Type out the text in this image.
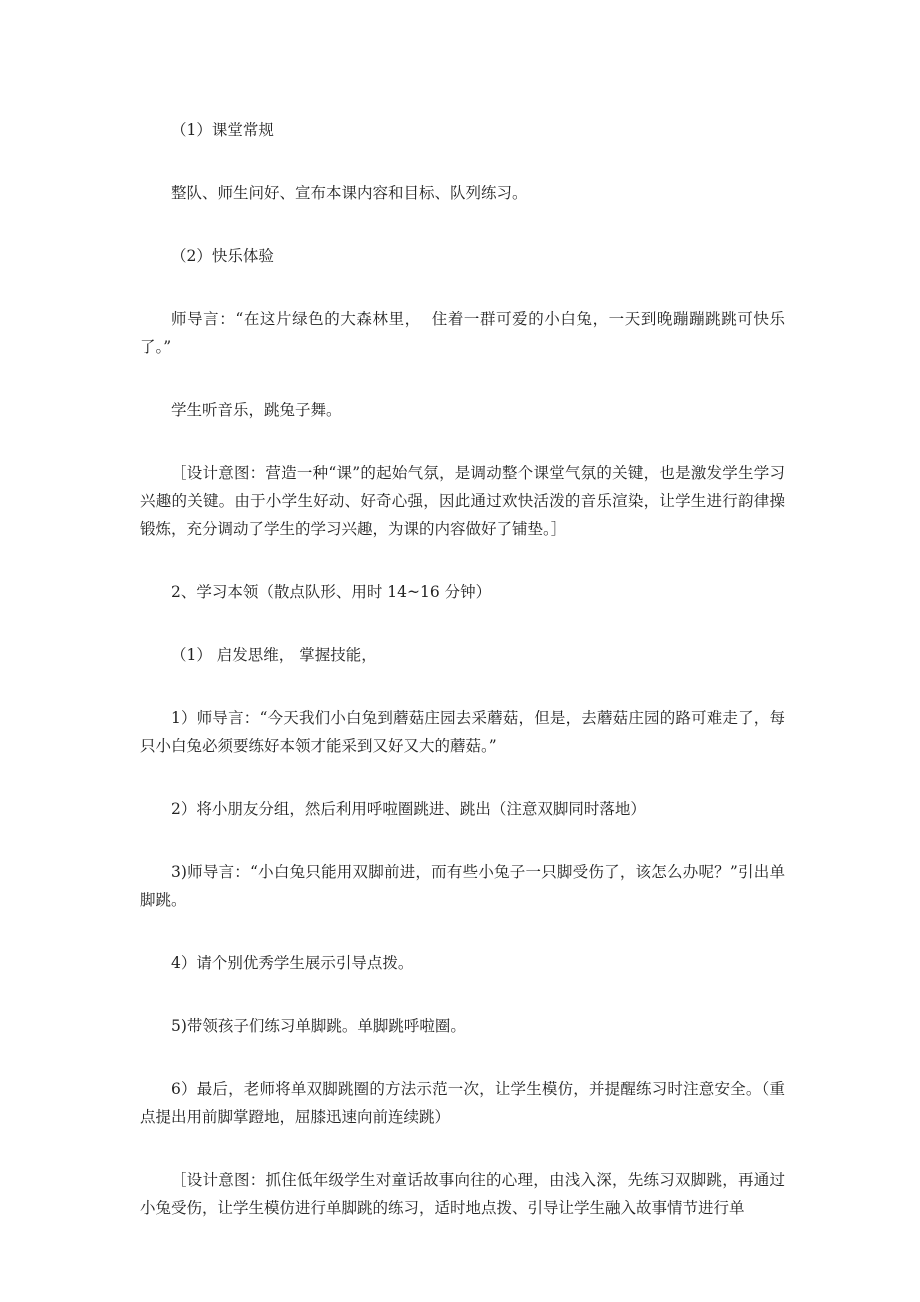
（1）课堂常规

整队、师生问好、宣布本课内容和目标、队列练习。

（2）快乐体验

师导言：“在这片绿色的大森林里，  住着一群可爱的小白兔，一天到晚蹦蹦跳跳可快乐了。”

学生听音乐，跳兔子舞。

［设计意图：营造一种“课”的起始气氛，是调动整个课堂气氛的关键，也是激发学生学习兴趣的关键。由于小学生好动、好奇心强，因此通过欢快活泼的音乐渲染，让学生进行韵律操锻炼，充分调动了学生的学习兴趣，为课的内容做好了铺垫。］

2、学习本领（散点队形、用时 14~16 分钟）

（1） 启发思维， 掌握技能，

1）师导言：“今天我们小白兔到蘑菇庄园去采蘑菇，但是，去蘑菇庄园的路可难走了，每只小白兔必须要练好本领才能采到又好又大的蘑菇。”

2）将小朋友分组，然后利用呼啦圈跳进、跳出（注意双脚同时落地）

3)师导言：“小白兔只能用双脚前进，而有些小兔子一只脚受伤了，该怎么办呢？”引出单脚跳。

4）请个别优秀学生展示引导点拨。

5)带领孩子们练习单脚跳。单脚跳呼啦圈。

6）最后，老师将单双脚跳圈的方法示范一次，让学生模仿，并提醒练习时注意安全。（重点提出用前脚掌蹬地，屈膝迅速向前连续跳）

［设计意图：抓住低年级学生对童话故事向往的心理，由浅入深，先练习双脚跳，再通过小兔受伤，让学生模仿进行单脚跳的练习，适时地点拨、引导让学生融入故事情节进行单
